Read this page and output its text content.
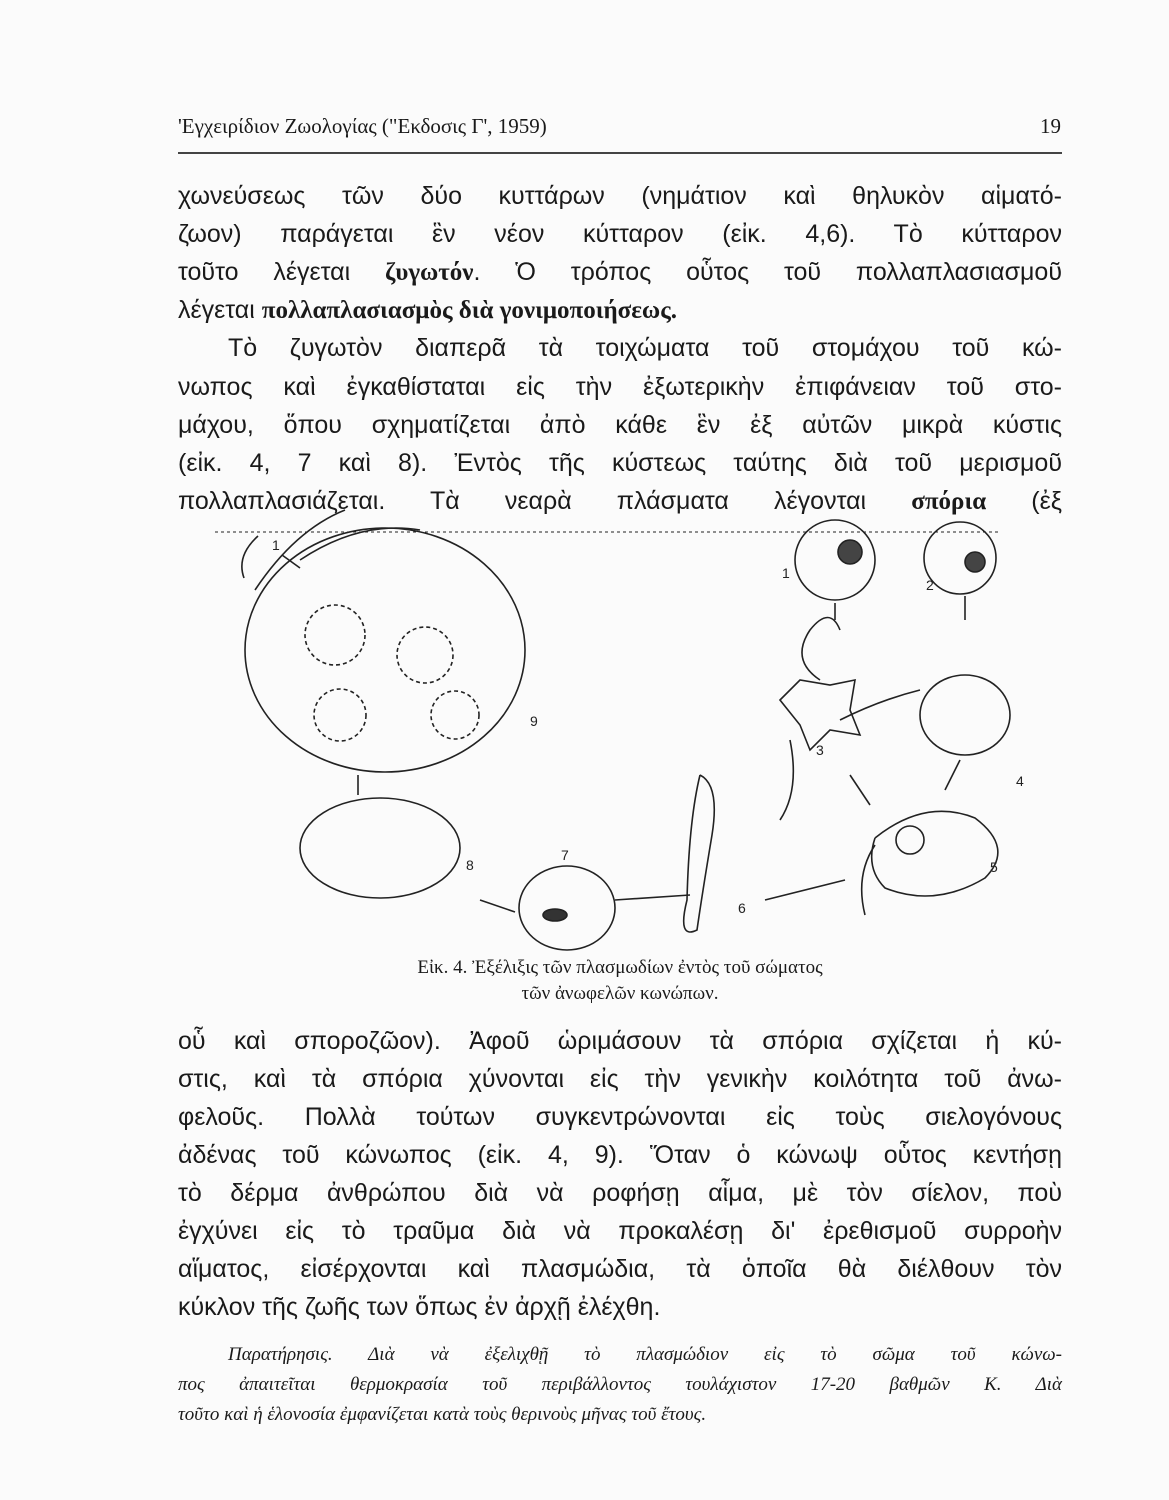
'Εγχειρίδιον Ζωολογίας ("Εκδοσις Γ', 1959)	19
χωνεύσεως τῶν δύο κυττάρων (νημάτιον καὶ θηλυκὸν αἱματό-
ζωον) παράγεται ἓν νέον κύτταρον (εἰκ. 4,6). Τὸ κύτταρον
τοῦτο λέγεται ζυγωτόν. Ὁ τρόπος οὗτος τοῦ πολλαπλασιασμοῦ
λέγεται πολλαπλασιασμὸς διὰ γονιμοποιήσεως.
Τὸ ζυγωτὸν διαπερᾶ τὰ τοιχώματα τοῦ στομάχου τοῦ κώ-
νωπος καὶ ἐγκαθίσταται εἰς τὴν ἐξωτερικὴν ἐπιφάνειαν τοῦ στο-
μάχου, ὅπου σχηματίζεται ἀπὸ κάθε ἓν ἐξ αὐτῶν μικρὰ κύστις
(εἰκ. 4, 7 καὶ 8). Ἐντὸς τῆς κύστεως ταύτης διὰ τοῦ μερισμοῦ
πολλαπλασιάζεται. Τὰ νεαρὰ πλάσματα λέγονται σπόρια (ἐξ
1
1
2
3
4
5
6
7
8
9
Εἰκ. 4. Ἐξέλιξις τῶν πλασμωδίων ἐντὸς τοῦ σώματος
τῶν ἀνωφελῶν κωνώπων.
οὗ καὶ σποροζῶον). Ἀφοῦ ὡριμάσουν τὰ σπόρια σχίζεται ἡ κύ-
στις, καὶ τὰ σπόρια χύνονται εἰς τὴν γενικὴν κοιλότητα τοῦ ἀνω-
φελοῦς. Πολλὰ τούτων συγκεντρώνονται εἰς τοὺς σιελογόνους
ἀδένας τοῦ κώνωπος (εἰκ. 4, 9). Ὅταν ὁ κώνωψ οὗτος κεντήσῃ
τὸ δέρμα ἀνθρώπου διὰ νὰ ροφήσῃ αἷμα, μὲ τὸν σίελον, ποὺ
ἐγχύνει εἰς τὸ τραῦμα διὰ νὰ προκαλέσῃ δι' ἐρεθισμοῦ συρροὴν
αἵματος, εἰσέρχονται καὶ πλασμώδια, τὰ ὁποῖα θὰ διέλθουν τὸν
κύκλον τῆς ζωῆς των ὅπως ἐν ἀρχῇ ἐλέχθη.
Παρατήρησις. Διὰ νὰ ἐξελιχθῇ τὸ πλασμώδιον εἰς τὸ σῶμα τοῦ κώνω-
πος ἀπαιτεῖται θερμοκρασία τοῦ περιβάλλοντος τουλάχιστον 17-20 βαθμῶν Κ. Διὰ
τοῦτο καὶ ἡ ἑλονοσία ἐμφανίζεται κατὰ τοὺς θερινοὺς μῆνας τοῦ ἔτους.
